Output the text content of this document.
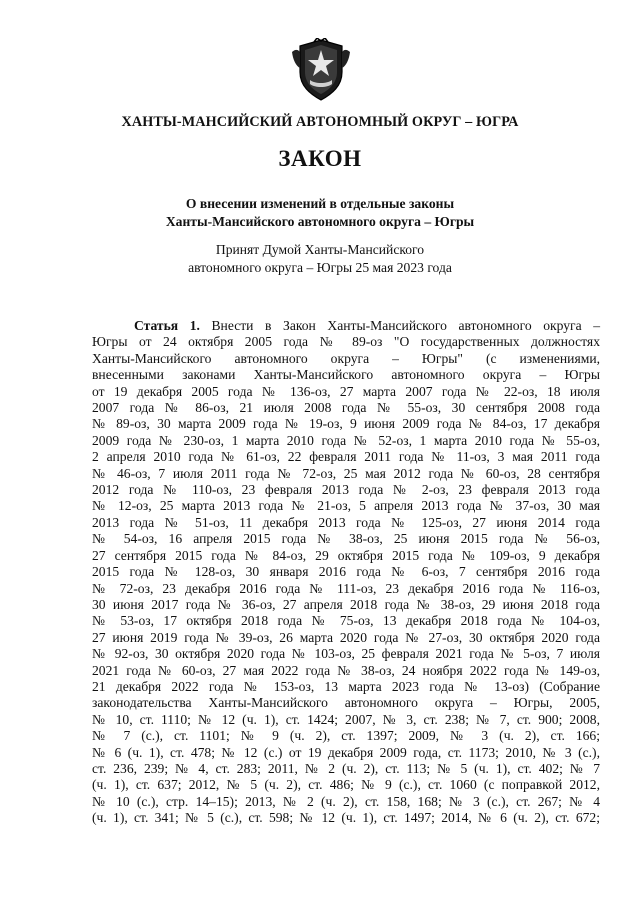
ХАНТЫ-МАНСИЙСКИЙ АВТОНОМНЫЙ ОКРУГ – ЮГРА
ЗАКОН
О внесении изменений в отдельные законы
Ханты-Мансийского автономного округа – Югры
Принят Думой Ханты-Мансийского
автономного округа – Югры 25 мая 2023 года
Статья 1. Внести в Закон Ханты-Мансийского автономного округа –
Югры от 24 октября 2005 года № 89-оз "О государственных должностях
Ханты-Мансийского автономного округа – Югры" (с изменениями,
внесенными законами Ханты-Мансийского автономного округа – Югры
от 19 декабря 2005 года № 136-оз, 27 марта 2007 года № 22-оз, 18 июля
2007 года № 86-оз, 21 июля 2008 года № 55-оз, 30 сентября 2008 года
№ 89-оз, 30 марта 2009 года № 19-оз, 9 июня 2009 года № 84-оз, 17 декабря
2009 года № 230-оз, 1 марта 2010 года № 52-оз, 1 марта 2010 года № 55-оз,
2 апреля 2010 года № 61-оз, 22 февраля 2011 года № 11-оз, 3 мая 2011 года
№ 46-оз, 7 июля 2011 года № 72-оз, 25 мая 2012 года № 60-оз, 28 сентября
2012 года № 110-оз, 23 февраля 2013 года № 2-оз, 23 февраля 2013 года
№ 12-оз, 25 марта 2013 года № 21-оз, 5 апреля 2013 года № 37-оз, 30 мая
2013 года № 51-оз, 11 декабря 2013 года № 125-оз, 27 июня 2014 года
№ 54-оз, 16 апреля 2015 года № 38-оз, 25 июня 2015 года № 56-оз,
27 сентября 2015 года № 84-оз, 29 октября 2015 года № 109-оз, 9 декабря
2015 года № 128-оз, 30 января 2016 года № 6-оз, 7 сентября 2016 года
№ 72-оз, 23 декабря 2016 года № 111-оз, 23 декабря 2016 года № 116-оз,
30 июня 2017 года № 36-оз, 27 апреля 2018 года № 38-оз, 29 июня 2018 года
№ 53-оз, 17 октября 2018 года № 75-оз, 13 декабря 2018 года № 104-оз,
27 июня 2019 года № 39-оз, 26 марта 2020 года № 27-оз, 30 октября 2020 года
№ 92-оз, 30 октября 2020 года № 103-оз, 25 февраля 2021 года № 5-оз, 7 июля
2021 года № 60-оз, 27 мая 2022 года № 38-оз, 24 ноября 2022 года № 149-оз,
21 декабря 2022 года № 153-оз, 13 марта 2023 года № 13-оз) (Собрание
законодательства Ханты-Мансийского автономного округа – Югры, 2005,
№ 10, ст. 1110; № 12 (ч. 1), ст. 1424; 2007, № 3, ст. 238; № 7, ст. 900; 2008,
№ 7 (с.), ст. 1101; № 9 (ч. 2), ст. 1397; 2009, № 3 (ч. 2), ст. 166;
№ 6 (ч. 1), ст. 478; № 12 (с.) от 19 декабря 2009 года, ст. 1173; 2010, № 3 (с.),
ст. 236, 239; № 4, ст. 283; 2011, № 2 (ч. 2), ст. 113; № 5 (ч. 1), ст. 402; № 7
(ч. 1), ст. 637; 2012, № 5 (ч. 2), ст. 486; № 9 (с.), ст. 1060 (с поправкой 2012,
№ 10 (с.), стр. 14–15); 2013, № 2 (ч. 2), ст. 158, 168; № 3 (с.), ст. 267; № 4
(ч. 1), ст. 341; № 5 (с.), ст. 598; № 12 (ч. 1), ст. 1497; 2014, № 6 (ч. 2), ст. 672;
